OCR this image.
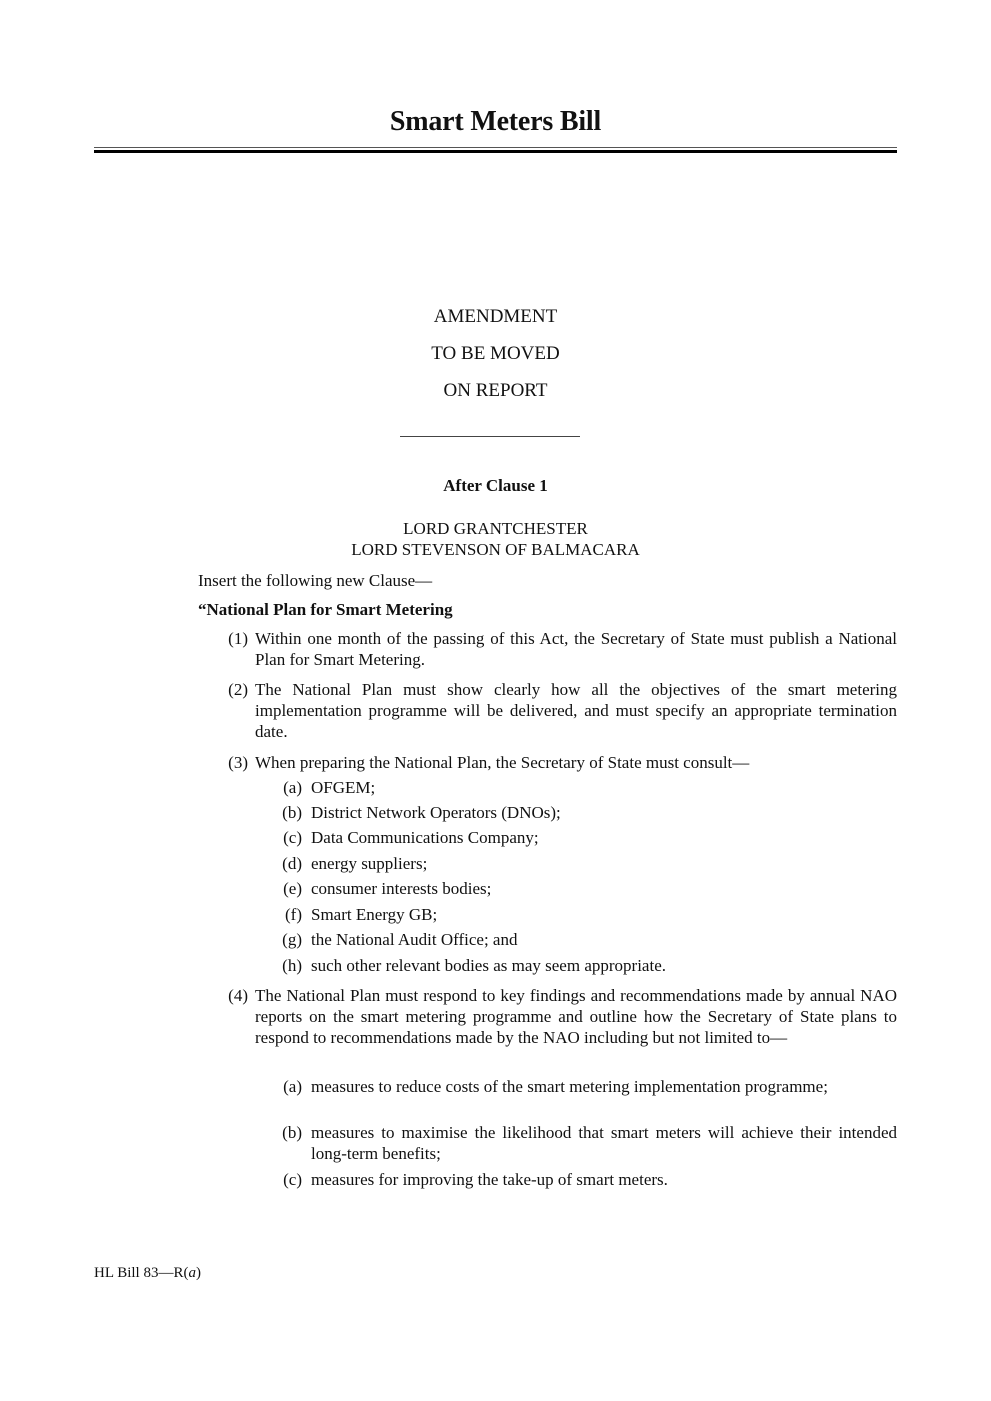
Smart Meters Bill
AMENDMENT
TO BE MOVED
ON REPORT
After Clause 1
LORD GRANTCHESTER
LORD STEVENSON OF BALMACARA
Insert the following new Clause—
“National Plan for Smart Metering
(1) Within one month of the passing of this Act, the Secretary of State must publish a National Plan for Smart Metering.
(2) The National Plan must show clearly how all the objectives of the smart metering implementation programme will be delivered, and must specify an appropriate termination date.
(3) When preparing the National Plan, the Secretary of State must consult—
(a) OFGEM;
(b) District Network Operators (DNOs);
(c) Data Communications Company;
(d) energy suppliers;
(e) consumer interests bodies;
(f) Smart Energy GB;
(g) the National Audit Office; and
(h) such other relevant bodies as may seem appropriate.
(4) The National Plan must respond to key findings and recommendations made by annual NAO reports on the smart metering programme and outline how the Secretary of State plans to respond to recommendations made by the NAO including but not limited to—
(a) measures to reduce costs of the smart metering implementation programme;
(b) measures to maximise the likelihood that smart meters will achieve their intended long-term benefits;
(c) measures for improving the take-up of smart meters.
HL Bill 83—R(a)
